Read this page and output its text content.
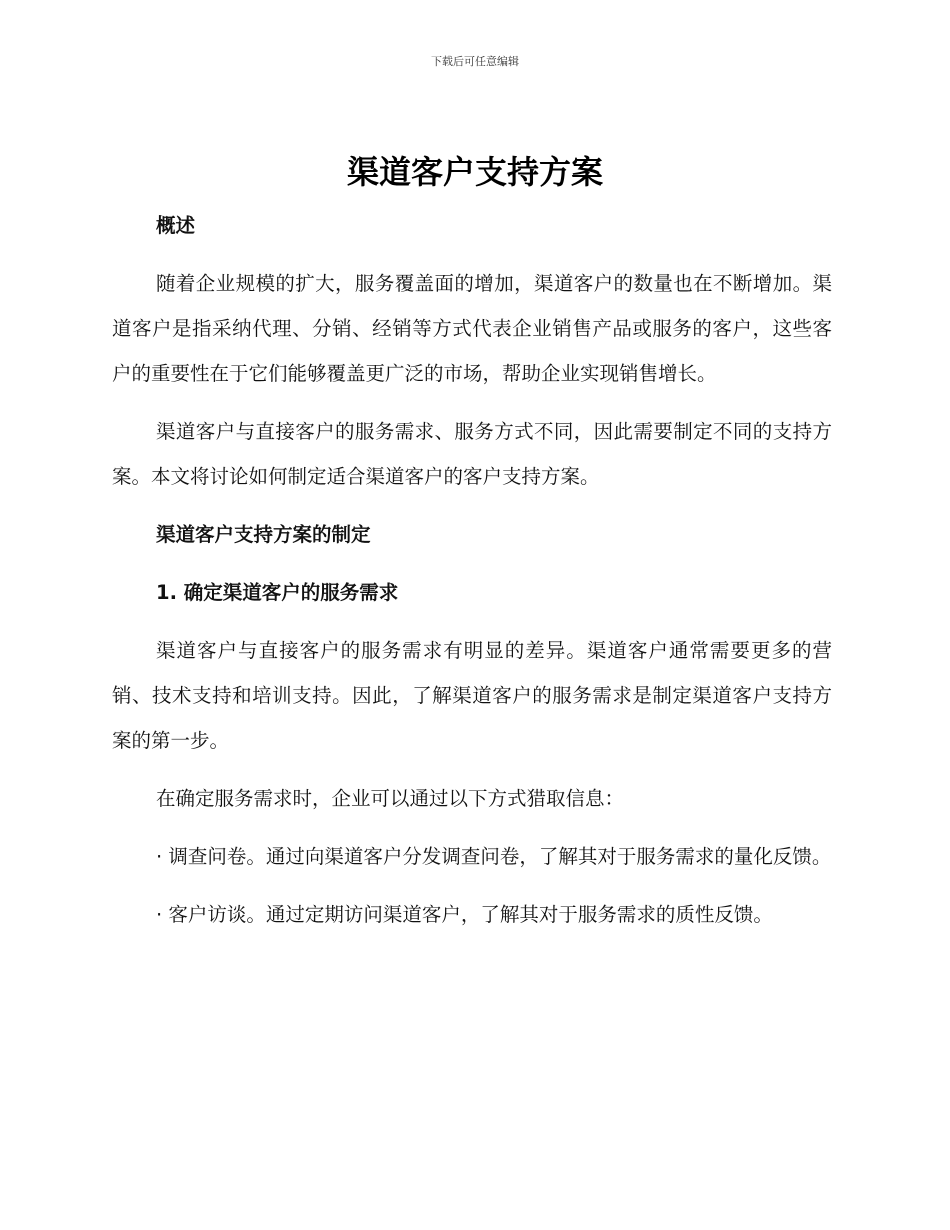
下载后可任意编辑
渠道客户支持方案
概述
随着企业规模的扩大，服务覆盖面的增加，渠道客户的数量也在不断增加。渠道客户是指采纳代理、分销、经销等方式代表企业销售产品或服务的客户，这些客户的重要性在于它们能够覆盖更广泛的市场，帮助企业实现销售增长。
渠道客户与直接客户的服务需求、服务方式不同，因此需要制定不同的支持方案。本文将讨论如何制定适合渠道客户的客户支持方案。
渠道客户支持方案的制定
1. 确定渠道客户的服务需求
渠道客户与直接客户的服务需求有明显的差异。渠道客户通常需要更多的营销、技术支持和培训支持。因此，了解渠道客户的服务需求是制定渠道客户支持方案的第一步。
在确定服务需求时，企业可以通过以下方式猎取信息：
· 调查问卷。通过向渠道客户分发调查问卷，了解其对于服务需求的量化反馈。
· 客户访谈。通过定期访问渠道客户，了解其对于服务需求的质性反馈。
